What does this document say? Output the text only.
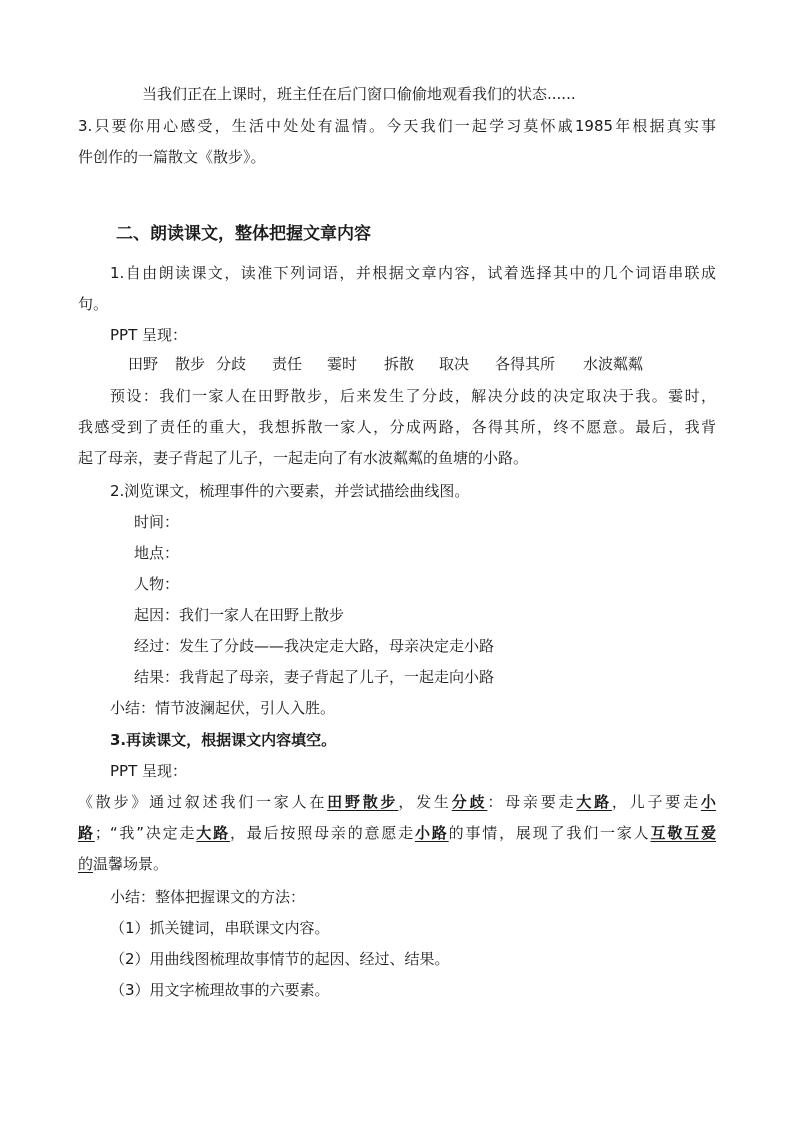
当我们正在上课时，班主任在后门窗口偷偷地观看我们的状态......
3.只要你用心感受，生活中处处有温情。今天我们一起学习莫怀戚1985年根据真实事
件创作的一篇散文《散步》。
二、朗读课文，整体把握文章内容
1.自由朗读课文，读准下列词语，并根据文章内容，试着选择其中的几个词语串联成
句。
PPT 呈现：
田野 散步 分歧 责任 霎时 拆散 取决 各得其所 水波粼粼
预设：我们一家人在田野散步，后来发生了分歧，解决分歧的决定取决于我。霎时，
我感受到了责任的重大，我想拆散一家人，分成两路，各得其所，终不愿意。最后，我背
起了母亲，妻子背起了儿子，一起走向了有水波粼粼的鱼塘的小路。
2.浏览课文，梳理事件的六要素，并尝试描绘曲线图。
时间：
地点：
人物：
起因：我们一家人在田野上散步
经过：发生了分歧——我决定走大路，母亲决定走小路
结果：我背起了母亲，妻子背起了儿子，一起走向小路
小结：情节波澜起伏，引人入胜。
3.再读课文，根据课文内容填空。
PPT 呈现：
《散步》通过叙述我们一家人在田野散步，发生分歧：母亲要走大路，儿子要走小
路；“我”决定走大路，最后按照母亲的意愿走小路的事情，展现了我们一家人互敬互爱
的温馨场景。
小结：整体把握课文的方法：
（1）抓关键词，串联课文内容。
（2）用曲线图梳理故事情节的起因、经过、结果。
（3）用文字梳理故事的六要素。
